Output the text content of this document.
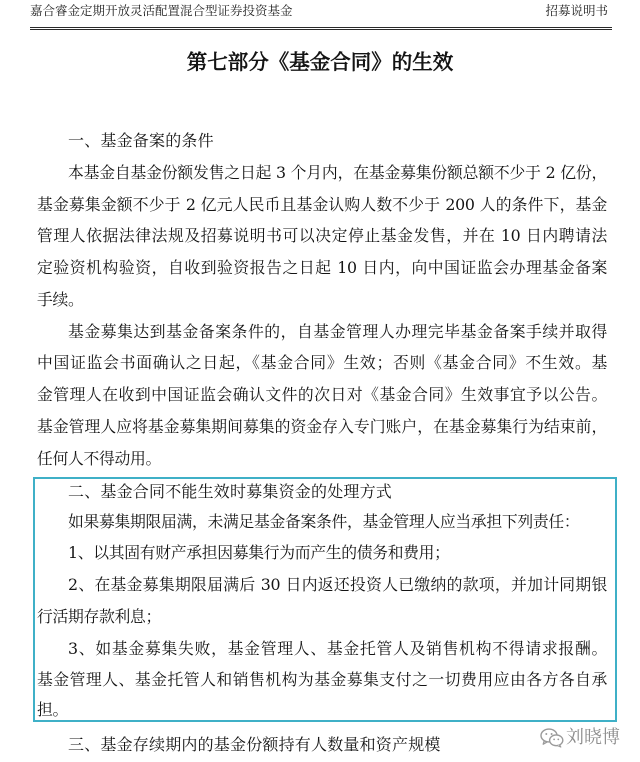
嘉合睿金定期开放灵活配置混合型证券投资基金	招募说明书
第七部分《基金合同》的生效
一、基金备案的条件
本基金自基金份额发售之日起 3 个月内，在基金募集份额总额不少于 2 亿份，
基金募集金额不少于 2 亿元人民币且基金认购人数不少于 200 人的条件下，基金
管理人依据法律法规及招募说明书可以决定停止基金发售，并在 10 日内聘请法
定验资机构验资，自收到验资报告之日起 10 日内，向中国证监会办理基金备案
手续。
基金募集达到基金备案条件的，自基金管理人办理完毕基金备案手续并取得
中国证监会书面确认之日起，《基金合同》生效；否则《基金合同》不生效。基
金管理人在收到中国证监会确认文件的次日对《基金合同》生效事宜予以公告。
基金管理人应将基金募集期间募集的资金存入专门账户，在基金募集行为结束前，
任何人不得动用。
二、基金合同不能生效时募集资金的处理方式
如果募集期限届满，未满足基金备案条件，基金管理人应当承担下列责任：
1、以其固有财产承担因募集行为而产生的债务和费用；
2、在基金募集期限届满后 30 日内返还投资人已缴纳的款项，并加计同期银
行活期存款利息；
3、如基金募集失败，基金管理人、基金托管人及销售机构不得请求报酬。
基金管理人、基金托管人和销售机构为基金募集支付之一切费用应由各方各自承
担。
三、基金存续期内的基金份额持有人数量和资产规模	刘晓博
